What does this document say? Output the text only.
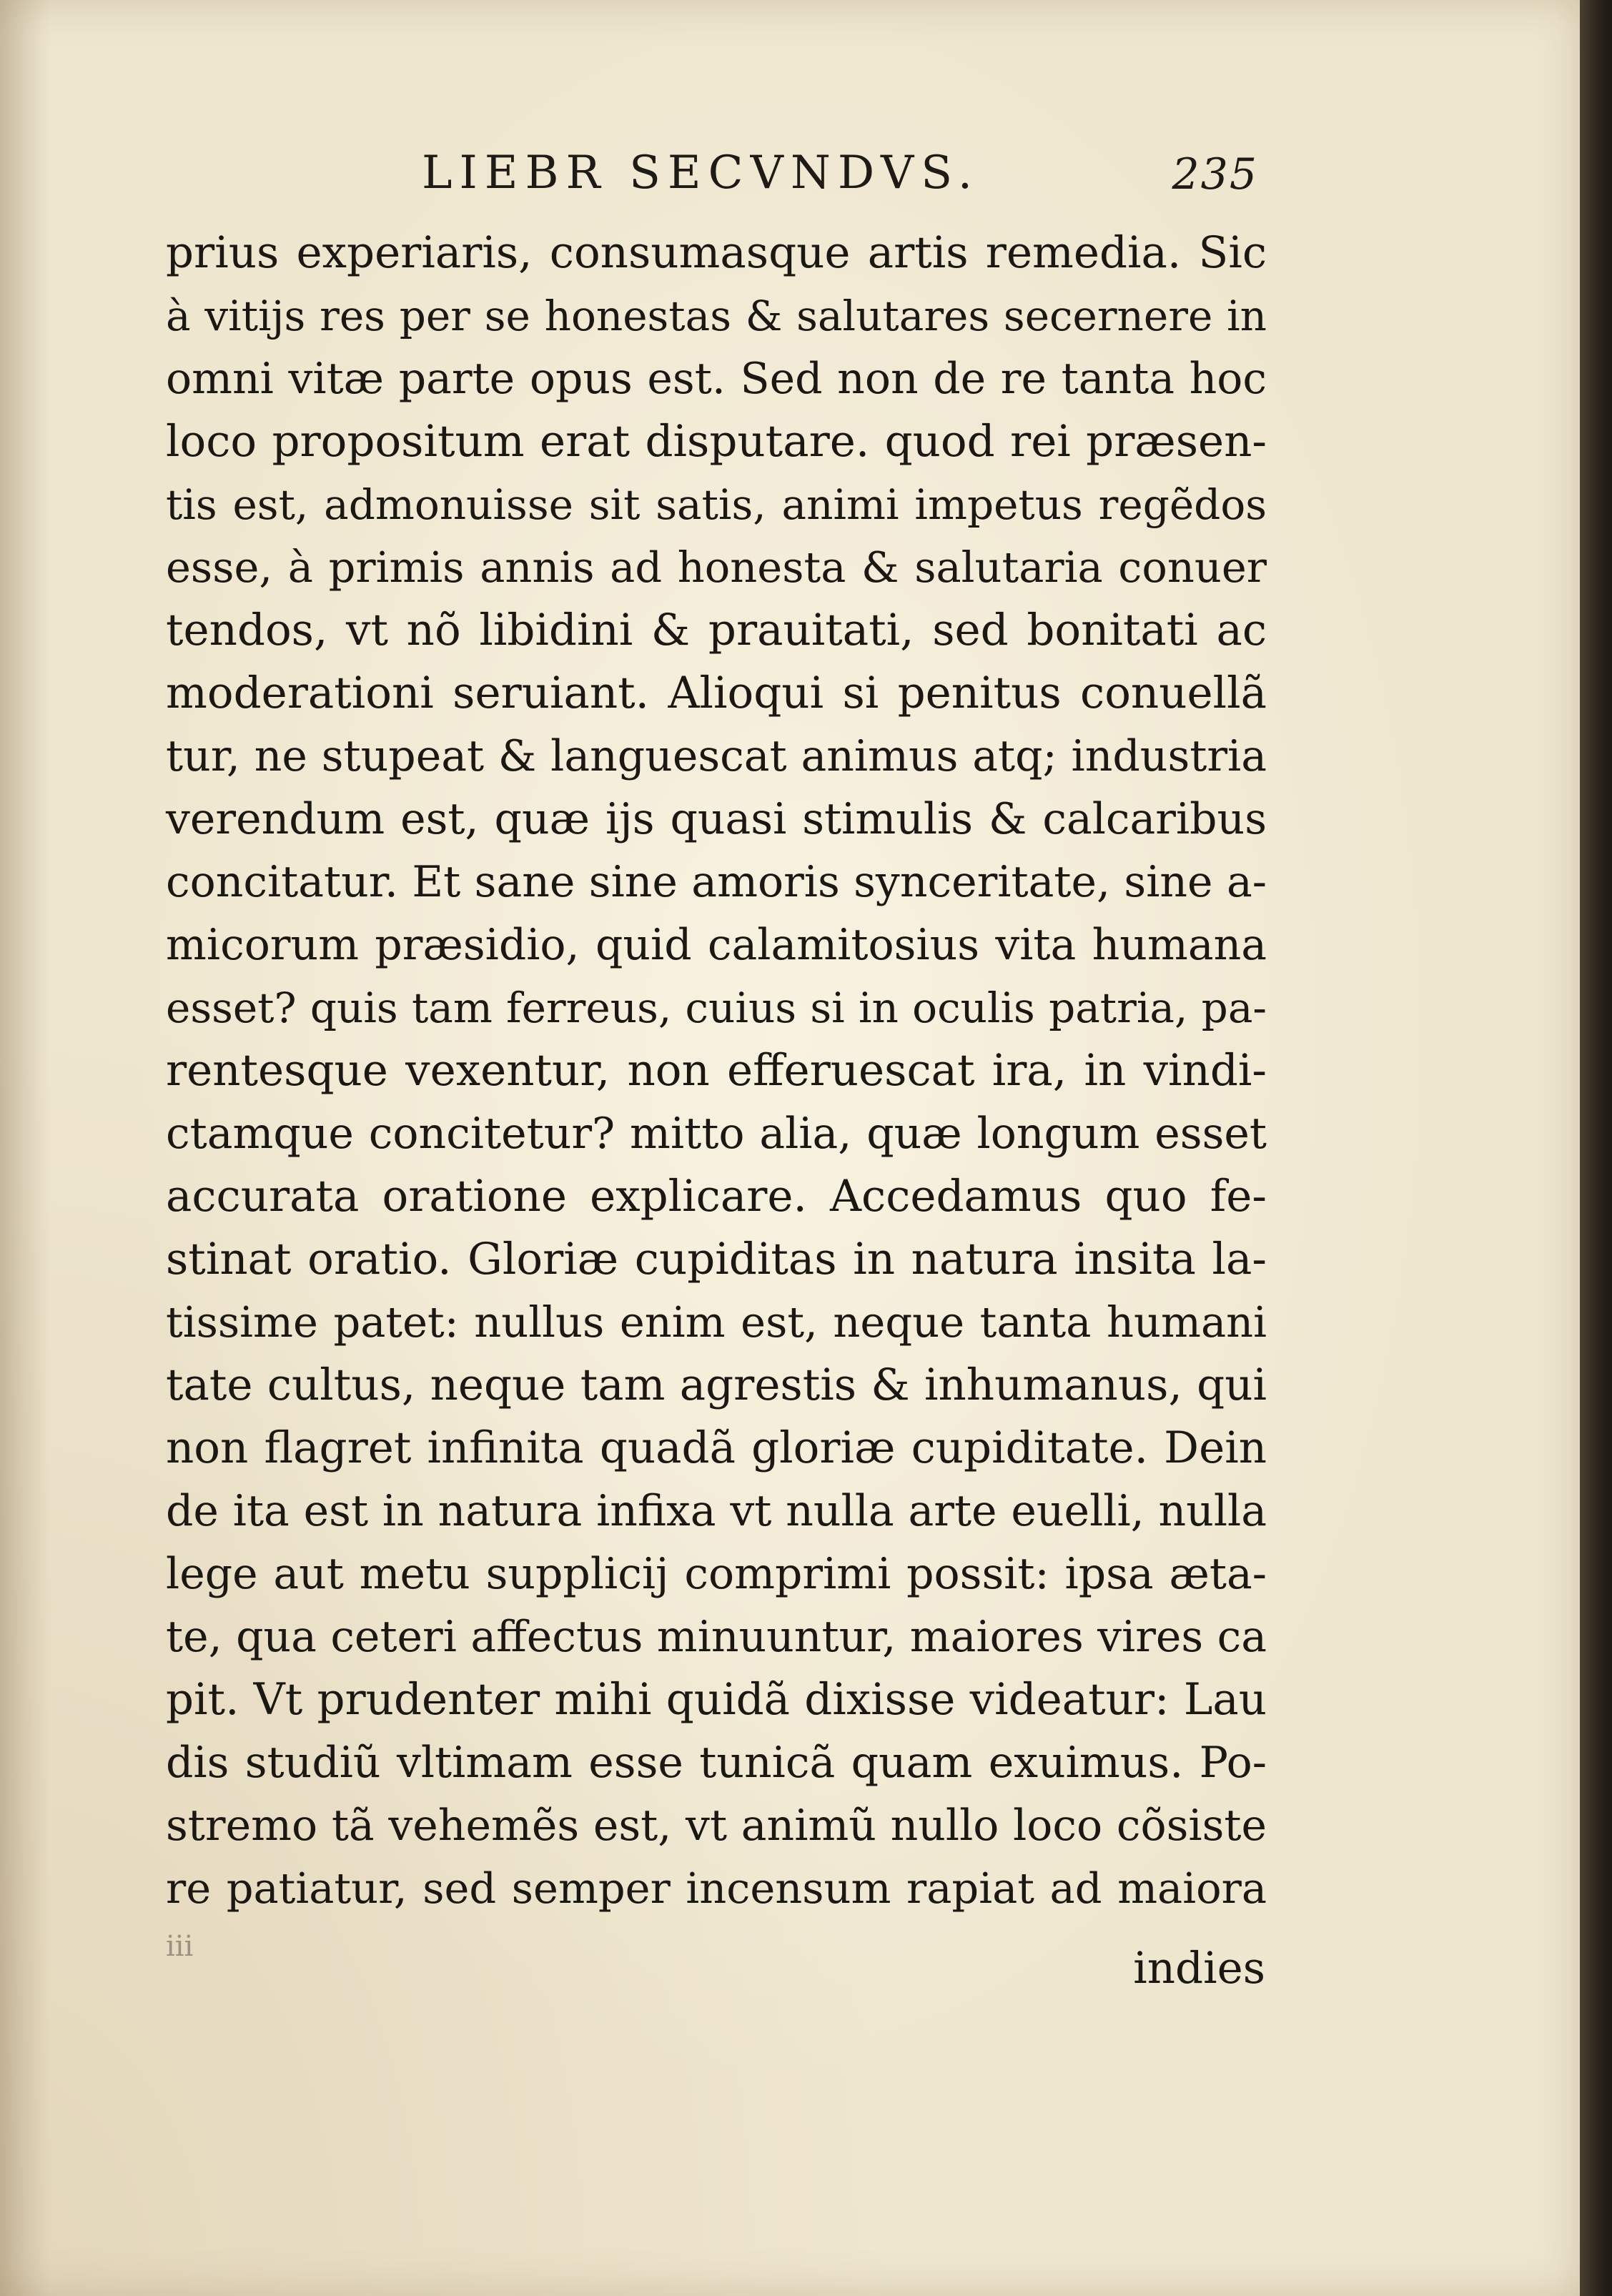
LIEBR SECVNDVS.	235
prius experiaris, consumasque artis remedia. Sic
à vitijs res per se honestas & salutares secernere in
omni vitæ parte opus est. Sed non de re tanta hoc
loco propositum erat disputare. quod rei præsen-
tis est, admonuisse sit satis, animi impetus regẽdos
esse, à primis annis ad honesta & salutaria conuer
tendos, vt nõ libidini & prauitati, sed bonitati ac
moderationi seruiant. Alioqui si penitus conuellã
tur, ne stupeat & languescat animus atq; industria
verendum est, quæ ijs quasi stimulis & calcaribus
concitatur. Et sane sine amoris synceritate, sine a-
micorum præsidio, quid calamitosius vita humana
esset? quis tam ferreus, cuius si in oculis patria, pa-
rentesque vexentur, non efferuescat ira, in vindi-
ctamque concitetur? mitto alia, quæ longum esset
accurata oratione explicare. Accedamus quo fe-
stinat oratio. Gloriæ cupiditas in natura insita la-
tissime patet: nullus enim est, neque tanta humani
tate cultus, neque tam agrestis & inhumanus, qui
non flagret infinita quadã gloriæ cupiditate. Dein
de ita est in natura infixa vt nulla arte euelli, nulla
lege aut metu supplicij comprimi possit: ipsa æta-
te, qua ceteri affectus minuuntur, maiores vires ca
pit. Vt prudenter mihi quidã dixisse videatur: Lau
dis studiũ vltimam esse tunicã quam exuimus. Po-
stremo tã vehemẽs est, vt animũ nullo loco cõsiste
re patiatur, sed semper incensum rapiat ad maiora
iii	indies
